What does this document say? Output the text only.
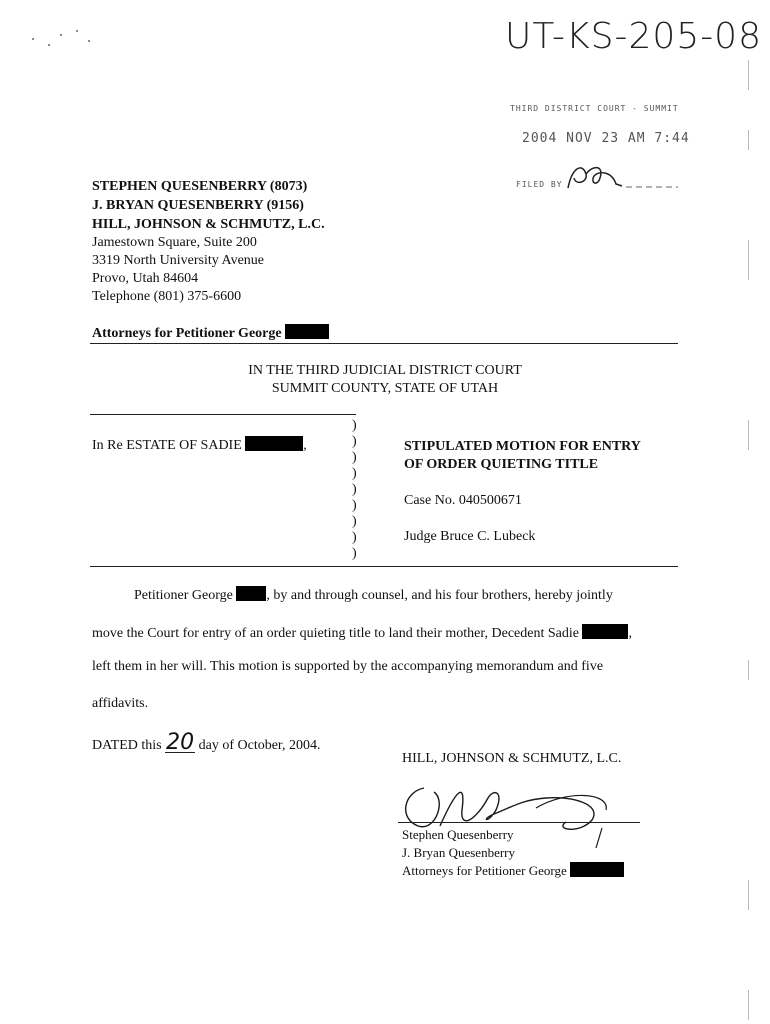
UT-KS-205-08
THIRD DISTRICT COURT - SUMMIT
2004 NOV 23 AM 7:44
FILED BY
STEPHEN QUESENBERRY (8073)
J. BRYAN QUESENBERRY (9156)
HILL, JOHNSON & SCHMUTZ, L.C.
Jamestown Square, Suite 200
3319 North University Avenue
Provo, Utah 84604
Telephone (801) 375-6600
Attorneys for Petitioner George
IN THE THIRD JUDICIAL DISTRICT COURT
SUMMIT COUNTY, STATE OF UTAH
)
)
)
)
)
)
)
)
)
In Re ESTATE OF SADIE	,	STIPULATED MOTION FOR ENTRY
OF ORDER QUIETING TITLE
Case No. 040500671
Judge Bruce C. Lubeck
Petitioner George , by and through counsel, and his four brothers, hereby jointly
move the Court for entry of an order quieting title to land their mother, Decedent Sadie	,
left them in her will. This motion is supported by the accompanying memorandum and five
affidavits.
DATED this 20 day of October, 2004.
HILL, JOHNSON & SCHMUTZ, L.C.
Stephen Quesenberry
J. Bryan Quesenberry
Attorneys for Petitioner George
